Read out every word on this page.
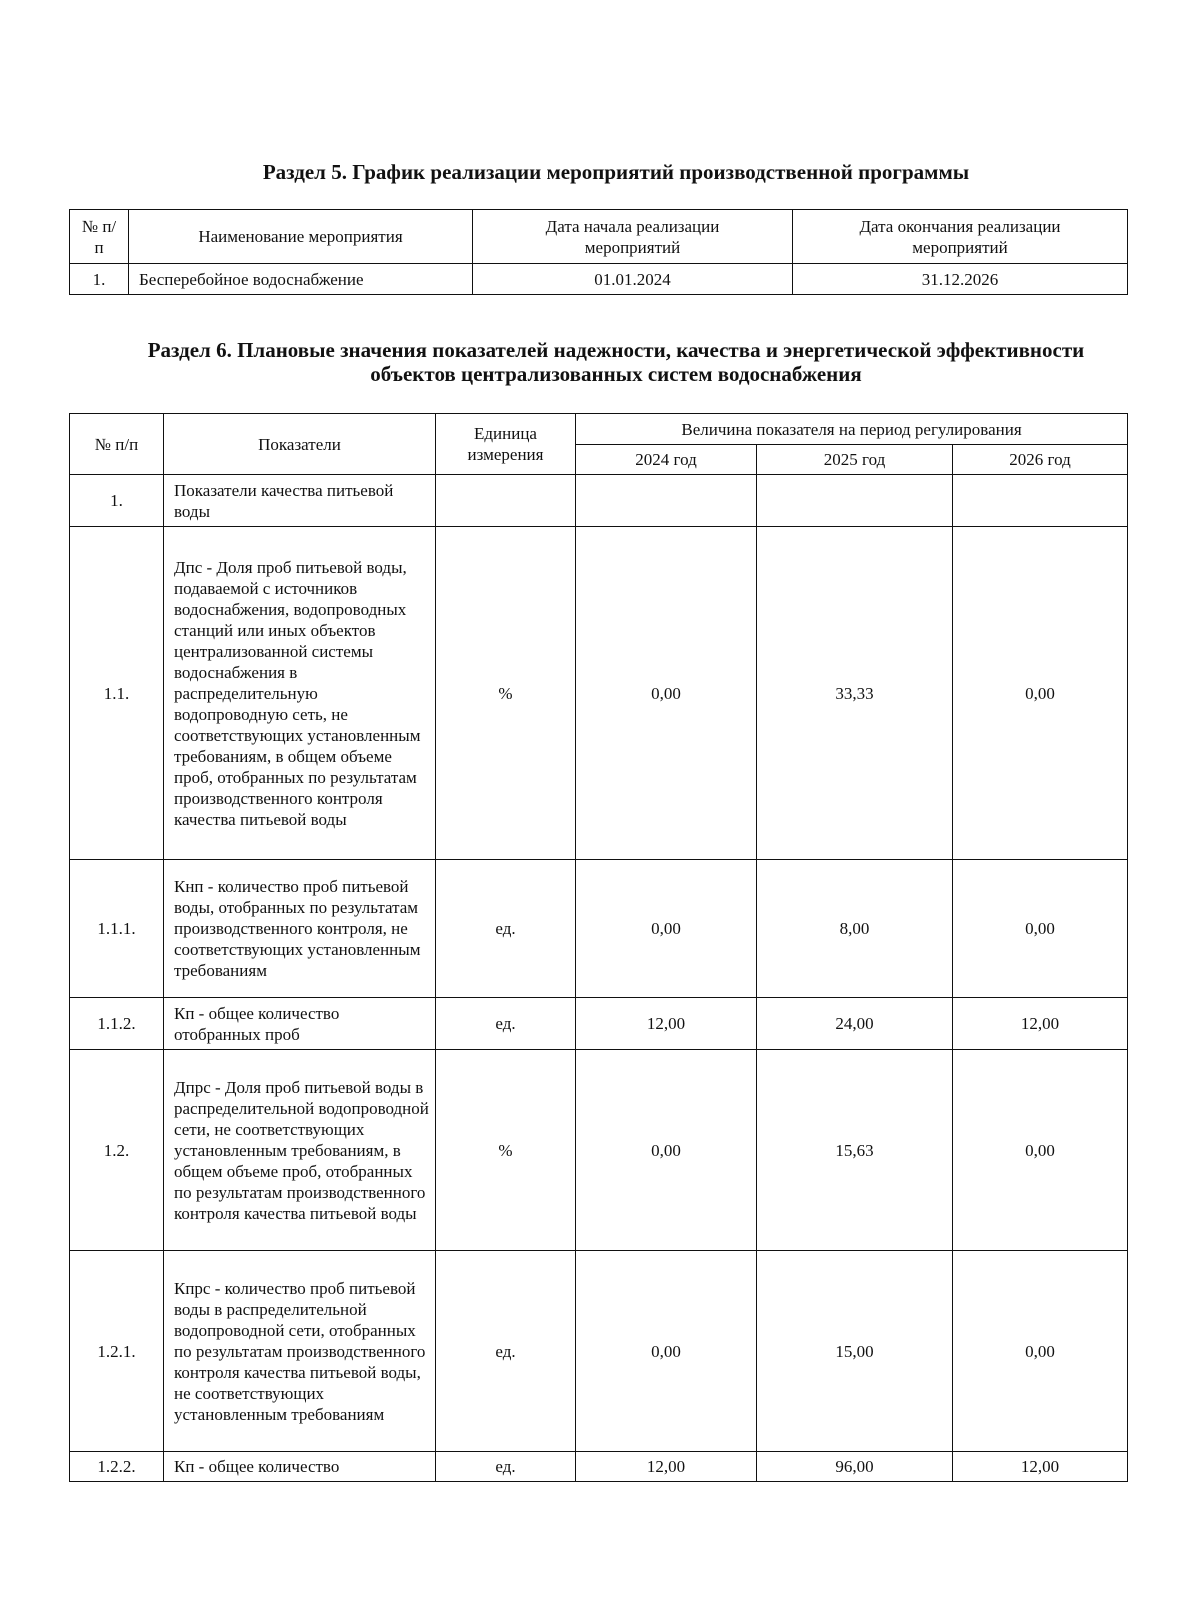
Раздел 5. График реализации мероприятий производственной программы
№ п/п	Наименование мероприятия	Дата начала реализации мероприятий	Дата окончания реализации мероприятий
1.	Бесперебойное водоснабжение	01.01.2024	31.12.2026
Раздел 6. Плановые значения показателей надежности, качества и энергетической эффективности
объектов централизованных систем водоснабжения
№ п/п	Показатели	Единица измерения	Величина показателя на период регулирования		
			2024 год	2025 год	2026 год
1.	Показатели качества питьевой воды				
1.1.	Дпс - Доля проб питьевой воды, подаваемой с источников водоснабжения, водопроводных станций или иных объектов централизованной системы водоснабжения в распределительную водопроводную сеть, не соответствующих установленным требованиям, в общем объеме проб, отобранных по результатам производственного контроля качества питьевой воды	%	0,00	33,33	0,00
1.1.1.	Кнп - количество проб питьевой воды, отобранных по результатам производственного контроля, не соответствующих установленным требованиям	ед.	0,00	8,00	0,00
1.1.2.	Кп - общее количество отобранных проб	ед.	12,00	24,00	12,00
1.2.	Дпрс - Доля проб питьевой воды в распределительной водопроводной сети, не соответствующих установленным требованиям, в общем объеме проб, отобранных по результатам производственного контроля качества питьевой воды	%	0,00	15,63	0,00
1.2.1.	Кпрс - количество проб питьевой воды в распределительной водопроводной сети, отобранных по результатам производственного контроля качества питьевой воды, не соответствующих установленным требованиям	ед.	0,00	15,00	0,00
1.2.2.	Кп - общее количество	ед.	12,00	96,00	12,00
